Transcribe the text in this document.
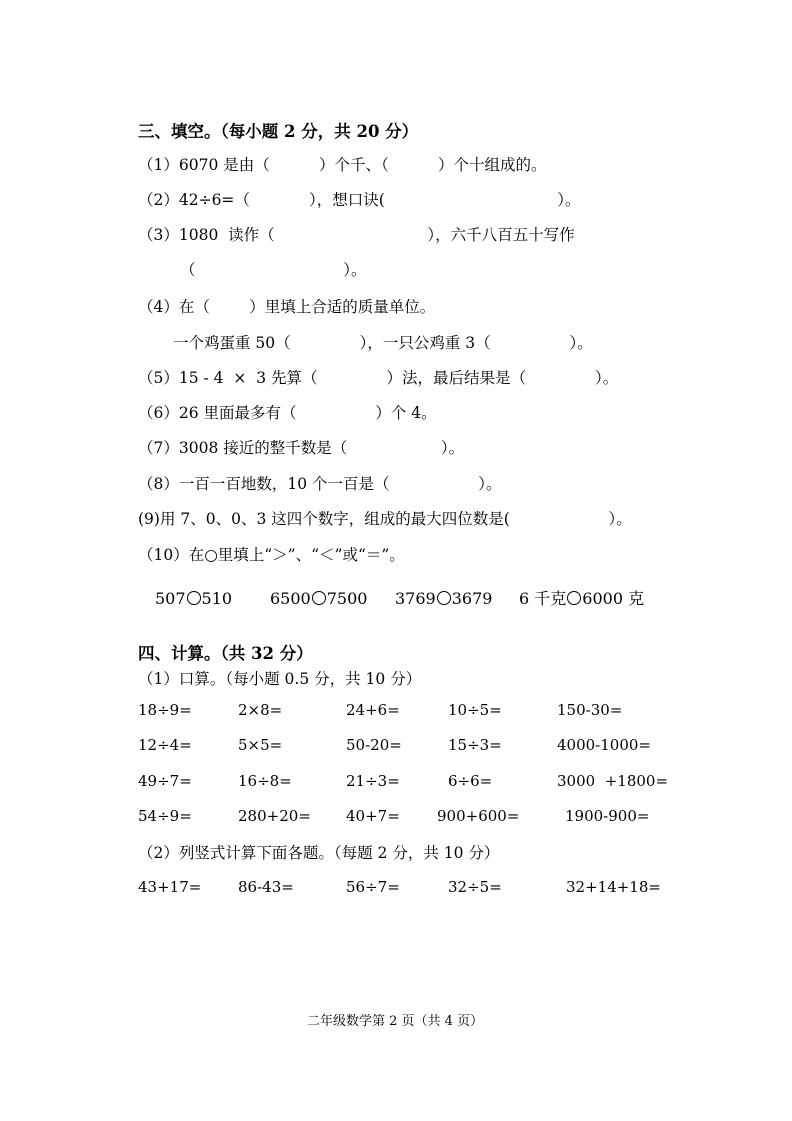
三、填空。（每小题 2 分，共 20 分）
（1）6070 是由（          ）个千、（          ）个十组成的。
（2）42÷6=（            ），想口诀(                                   ）。
（3）1080  读作（                               ），六千八百五十写作
（                              ）。
（4）在（        ）里填上合适的质量单位。
一个鸡蛋重 50（              ），一只公鸡重 3（                ）。
（5）15 - 4  ×  3 先算（              ）法，最后结果是（              ）。
（6）26 里面最多有（                ）个 4。
（7）3008 接近的整千数是（                   ）。
（8）一百一百地数，10 个一百是（                  ）。
(9)用 7、0、0、3 这四个数字，组成的最大四位数是(                    ）。
（10）在○里填上“＞”、“＜”或“＝”。
507 510 6500 7500 3769 3679 6 千克 6000 克
四、计算。（共 32 分）
（1）口算。（每小题 0.5 分，共 10 分）
18÷9=	2×8=	24+6=	10÷5=	150-30=
12÷4=	5×5=	50-20=	15÷3=	4000-1000=
49÷7=	16÷8=	21÷3=	6÷6=	3000  +1800=
54÷9=	280+20= 40+7= 900+600=	1900-900=
（2）列竖式计算下面各题。（每题 2 分，共 10 分）
43+17= 86-43=	56÷7=	32÷5=	32+14+18=
二年级数学第 2 页（共 4 页）
